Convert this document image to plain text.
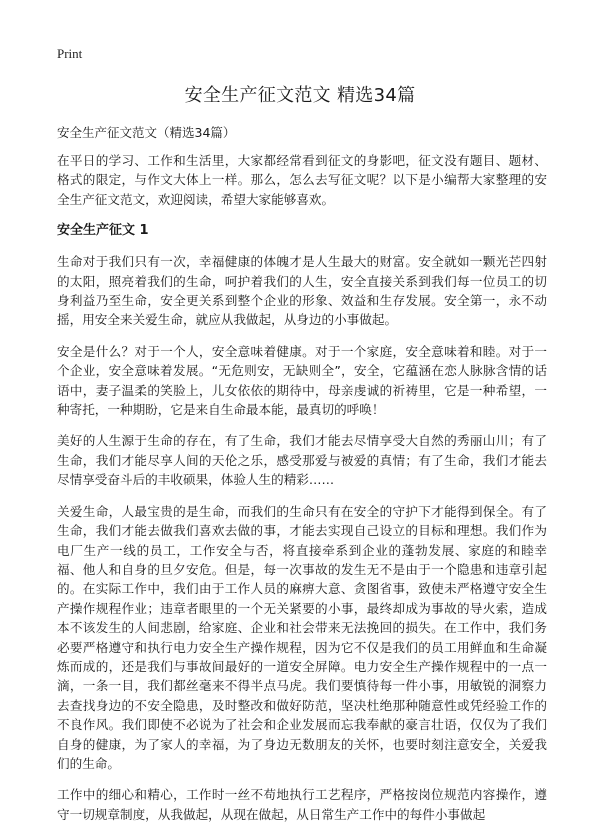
Print
安全生产征文范文 精选34篇

安全生产征文范文（精选34篇）

在平日的学习、工作和生活里，大家都经常看到征文的身影吧，征文没有题目、题材、格式的限定，与作文大体上一样。那么，怎么去写征文呢？以下是小编帮大家整理的安全生产征文范文，欢迎阅读，希望大家能够喜欢。

安全生产征文 1

生命对于我们只有一次，幸福健康的体魄才是人生最大的财富。安全就如一颗光芒四射的太阳，照亮着我们的生命，呵护着我们的人生，安全直接关系到我们每一位员工的切身利益乃至生命，安全更关系到整个企业的形象、效益和生存发展。安全第一，永不动摇，用安全来关爱生命，就应从我做起，从身边的小事做起。

安全是什么？对于一个人，安全意味着健康。对于一个家庭，安全意味着和睦。对于一个企业，安全意味着发展。“无危则安，无缺则全”，安全，它蕴涵在恋人脉脉含情的话语中，妻子温柔的笑脸上，儿女依依的期待中，母亲虔诚的祈祷里，它是一种希望，一种寄托，一种期盼，它是来自生命最本能，最真切的呼唤！

美好的人生源于生命的存在，有了生命，我们才能去尽情享受大自然的秀丽山川；有了生命，我们才能尽享人间的天伦之乐，感受那爱与被爱的真情；有了生命，我们才能去尽情享受奋斗后的丰收硕果，体验人生的精彩……

关爱生命，人最宝贵的是生命，而我们的生命只有在安全的守护下才能得到保全。有了生命，我们才能去做我们喜欢去做的事，才能去实现自己设立的目标和理想。我们作为电厂生产一线的员工，工作安全与否，将直接牵系到企业的蓬勃发展、家庭的和睦幸福、他人和自身的旦夕安危。但是，每一次事故的发生无不是由于一个隐患和违章引起的。在实际工作中，我们由于工作人员的麻痹大意、贪图省事，致使未严格遵守安全生产操作规程作业；违章者眼里的一个无关紧要的小事，最终却成为事故的导火索，造成本不该发生的人间悲剧，给家庭、企业和社会带来无法挽回的损失。在工作中，我们务必要严格遵守和执行电力安全生产操作规程，因为它不仅是我们的员工用鲜血和生命凝炼而成的，还是我们与事故间最好的一道安全屏障。电力安全生产操作规程中的一点一滴，一条一目，我们都丝毫来不得半点马虎。我们要慎待每一件小事，用敏锐的洞察力去查找身边的不安全隐患，及时整改和做好防范，坚决杜绝那种随意性或凭经验工作的不良作风。我们即使不必说为了社会和企业发展而忘我奉献的豪言壮语，仅仅为了我们自身的健康，为了家人的幸福，为了身边无数朋友的关怀，也要时刻注意安全，关爱我们的生命。

工作中的细心和精心，工作时一丝不苟地执行工艺程序，严格按岗位规范内容操作，遵守一切规章制度，从我做起，从现在做起，从日常生产工作中的每件小事做起
